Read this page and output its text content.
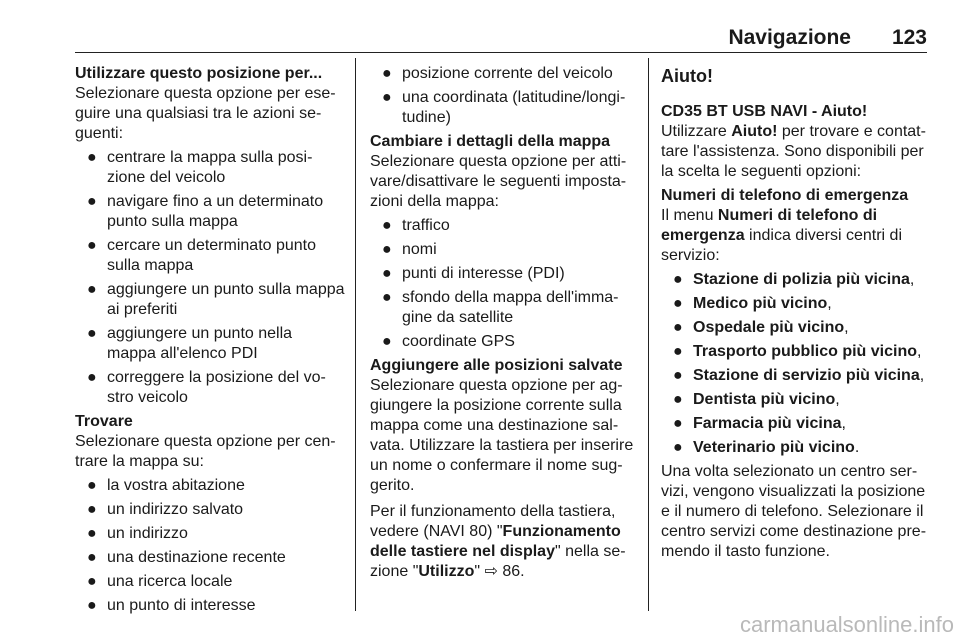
Navigazione 123
Utilizzare questo posizione per...

Selezionare questa opzione per eseguire una qualsiasi tra le azioni seguenti:

● centrare la mappa sulla posizione del veicolo
● navigare fino a un determinato punto sulla mappa
● cercare un determinato punto sulla mappa
● aggiungere un punto sulla mappa ai preferiti
● aggiungere un punto nella mappa all'elenco PDI
● correggere la posizione del vostro veicolo
Trovare

Selezionare questa opzione per centrare la mappa su:

● la vostra abitazione
● un indirizzo salvato
● un indirizzo
● una destinazione recente
● una ricerca locale
● un punto di interesse
● posizione corrente del veicolo
● una coordinata (latitudine/longitudine)
Cambiare i dettagli della mappa

Selezionare questa opzione per attivare/disattivare le seguenti impostazioni della mappa:

● traffico
● nomi
● punti di interesse (PDI)
● sfondo della mappa dell'immagine da satellite
● coordinate GPS
Aggiungere alle posizioni salvate

Selezionare questa opzione per aggiungere la posizione corrente sulla mappa come una destinazione salvata. Utilizzare la tastiera per inserire un nome o confermare il nome suggerito.

Per il funzionamento della tastiera, vedere (NAVI 80) "Funzionamento delle tastiere nel display" nella sezione "Utilizzo" ⇨ 86.

Aiuto!
CD35 BT USB NAVI - Aiuto!

Utilizzare Aiuto! per trovare e contattare l'assistenza. Sono disponibili per la scelta le seguenti opzioni:

Numeri di telefono di emergenza

Il menu Numeri di telefono di emergenza indica diversi centri di servizio:

● Stazione di polizia più vicina,
● Medico più vicino,
● Ospedale più vicino,
● Trasporto pubblico più vicino,
● Stazione di servizio più vicina,
● Dentista più vicino,
● Farmacia più vicina,
● Veterinario più vicino.

Una volta selezionato un centro servizi, vengono visualizzati la posizione e il numero di telefono. Selezionare il centro servizi come destinazione premendo il tasto funzione.

carmanualsonline.info
